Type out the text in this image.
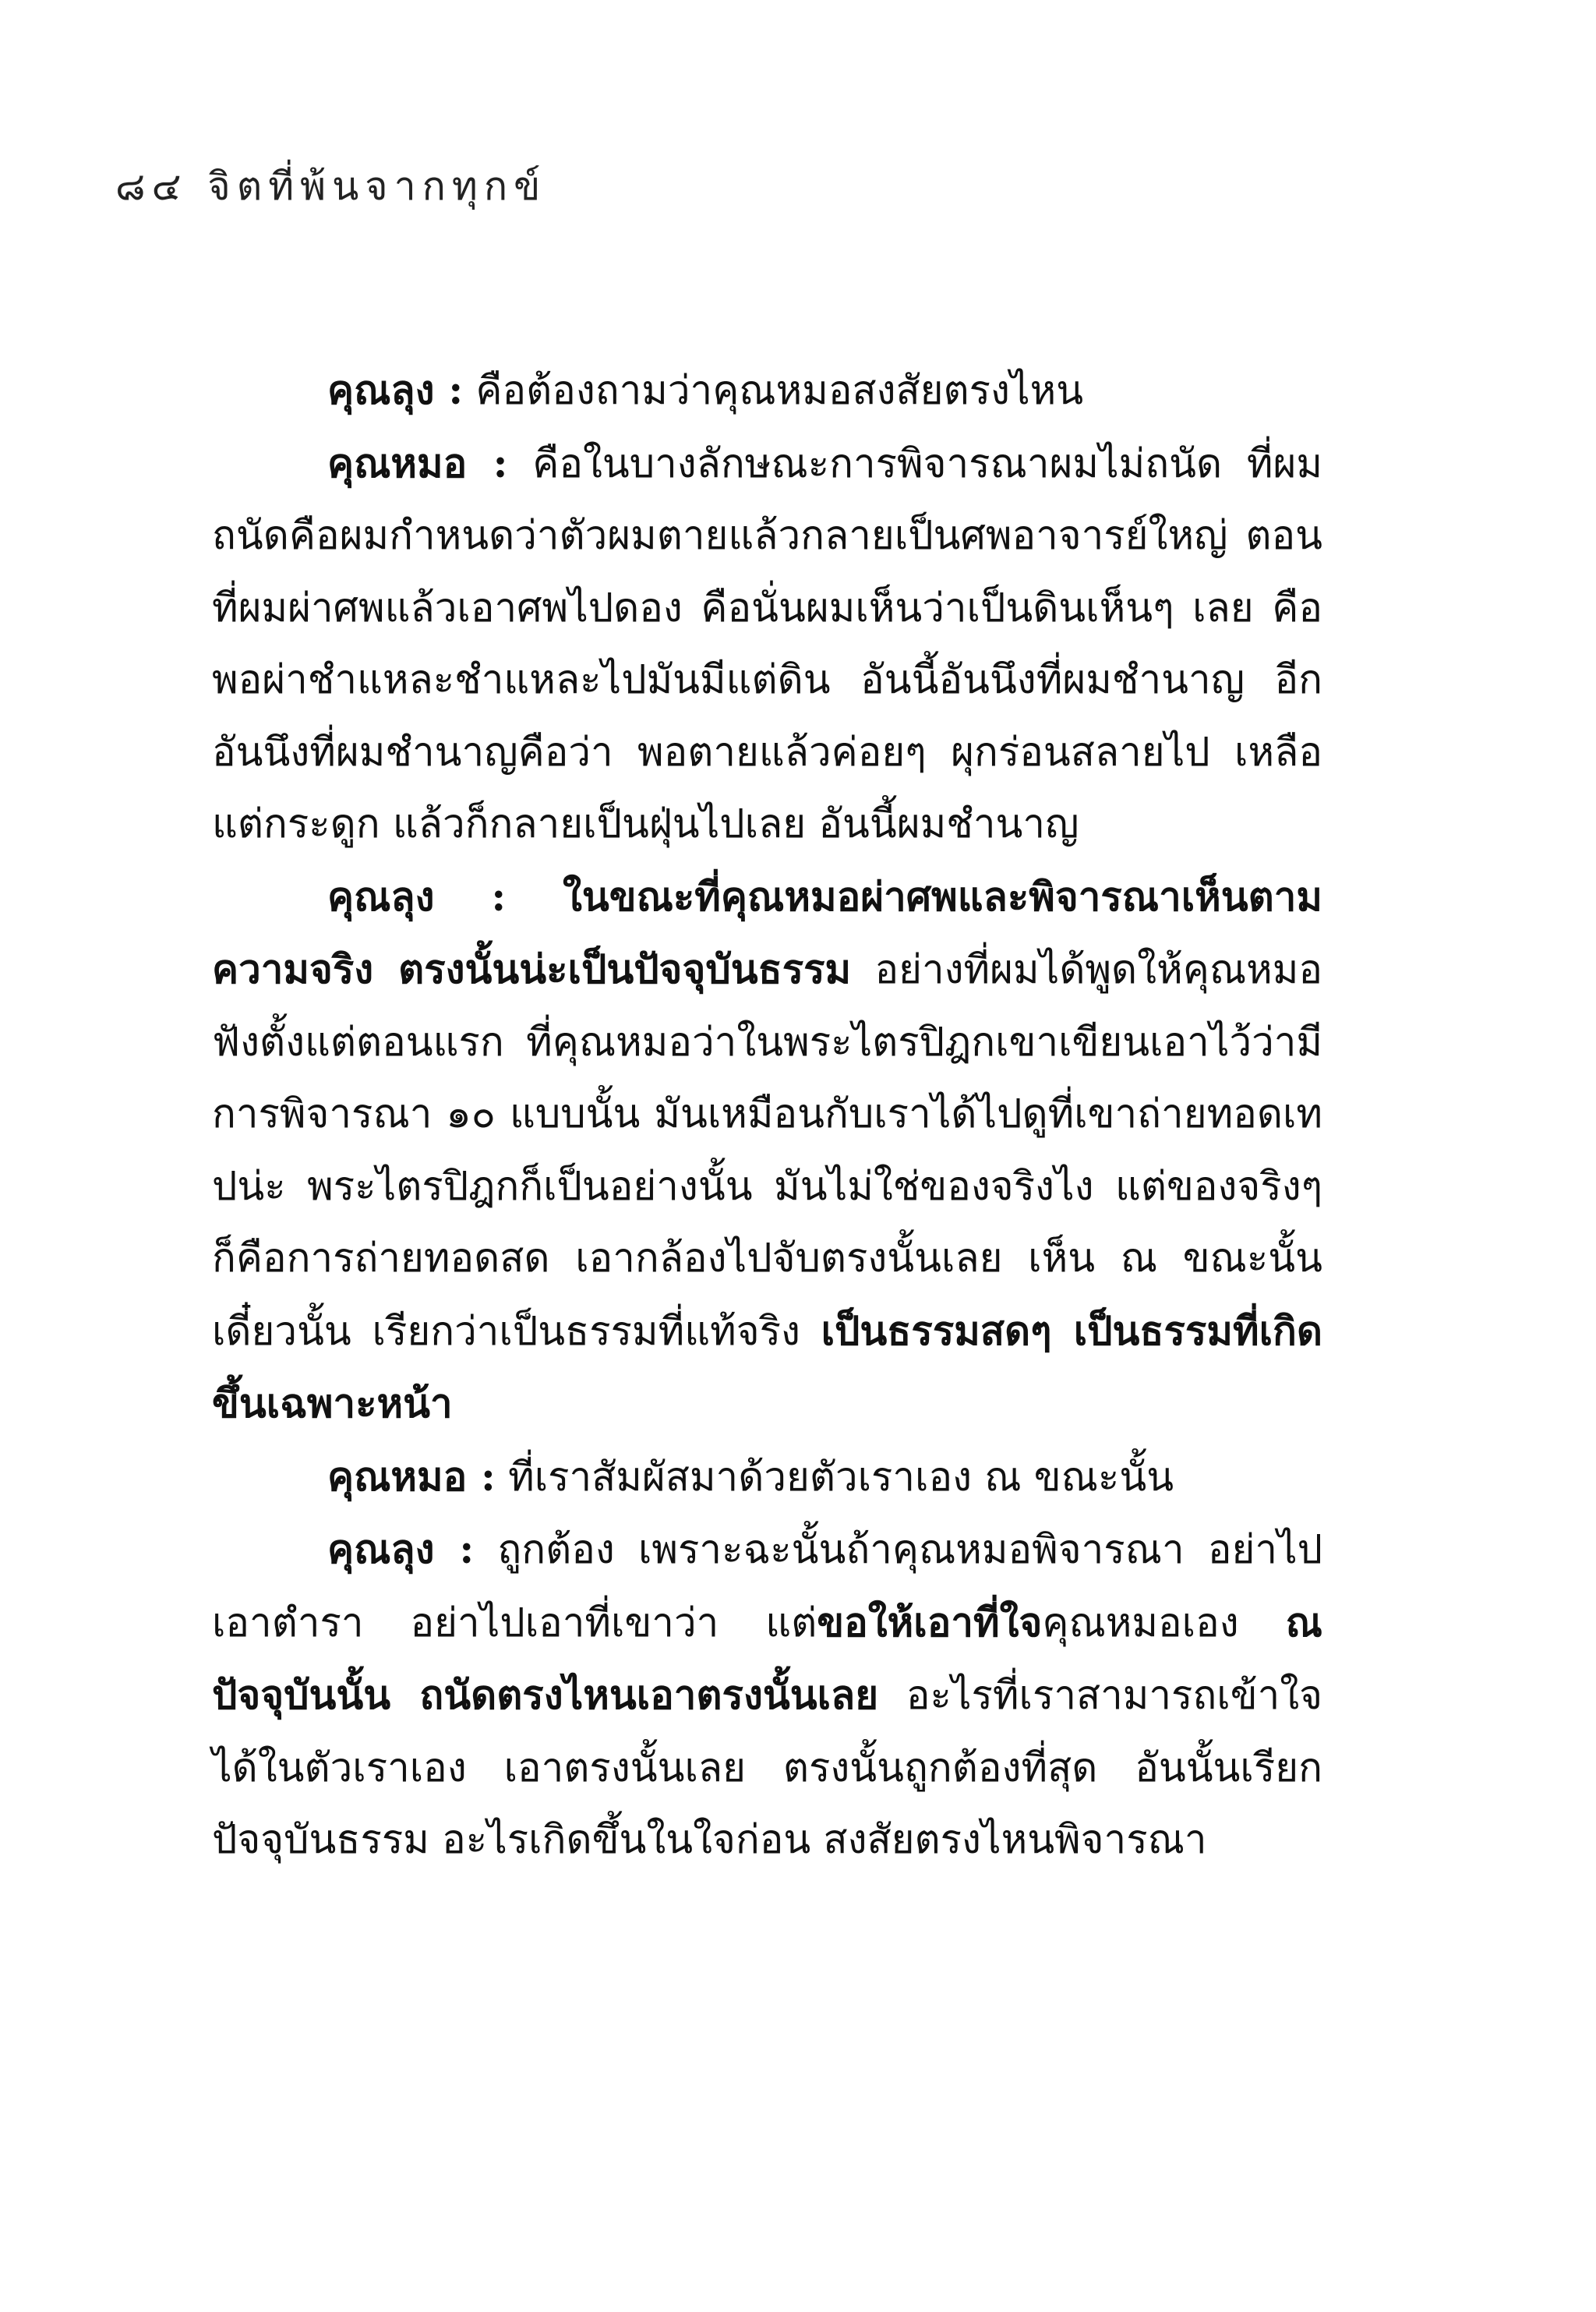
๘๔ จิตที่พ้นจากทุกข์

คุณลุง : คือต้องถามว่าคุณหมอสงสัยตรงไหน

คุณหมอ : คือในบางลักษณะการพิจารณาผมไม่ถนัด ที่ผมถนัดคือผมกำหนดว่าตัวผมตายแล้วกลายเป็นศพอาจารย์ใหญ่ ตอนที่ผมผ่าศพแล้วเอาศพไปดอง คือนั่นผมเห็นว่าเป็นดินเห็นๆ เลย คือพอผ่าชำแหละชำแหละไปมันมีแต่ดิน อันนี้อันนึงที่ผมชำนาญ อีกอันนึงที่ผมชำนาญคือว่า พอตายแล้วค่อยๆ ผุกร่อนสลายไป เหลือแต่กระดูก แล้วก็กลายเป็นฝุ่นไปเลย อันนี้ผมชำนาญ

คุณลุง : ในขณะที่คุณหมอผ่าศพและพิจารณาเห็นตามความจริง ตรงนั้นน่ะเป็นปัจจุบันธรรม อย่างที่ผมได้พูดให้คุณหมอฟังตั้งแต่ตอนแรก ที่คุณหมอว่าในพระไตรปิฎกเขาเขียนเอาไว้ว่ามีการพิจารณา ๑๐ แบบนั้น มันเหมือนกับเราได้ไปดูที่เขาถ่ายทอดเทปน่ะ พระไตรปิฎกก็เป็นอย่างนั้น มันไม่ใช่ของจริงไง แต่ของจริงๆ ก็คือการถ่ายทอดสด เอากล้องไปจับตรงนั้นเลย เห็น ณ ขณะนั้นเดี๋ยวนั้น เรียกว่าเป็นธรรมที่แท้จริง เป็นธรรมสดๆ เป็นธรรมที่เกิดขึ้นเฉพาะหน้า

คุณหมอ : ที่เราสัมผัสมาด้วยตัวเราเอง ณ ขณะนั้น

คุณลุง : ถูกต้อง เพราะฉะนั้นถ้าคุณหมอพิจารณา อย่าไปเอาตำรา อย่าไปเอาที่เขาว่า แต่ขอให้เอาที่ใจคุณหมอเอง ณ ปัจจุบันนั้น ถนัดตรงไหนเอาตรงนั้นเลย อะไรที่เราสามารถเข้าใจได้ในตัวเราเอง เอาตรงนั้นเลย ตรงนั้นถูกต้องที่สุด อันนั้นเรียกปัจจุบันธรรม อะไรเกิดขึ้นในใจก่อน สงสัยตรงไหนพิจารณา
